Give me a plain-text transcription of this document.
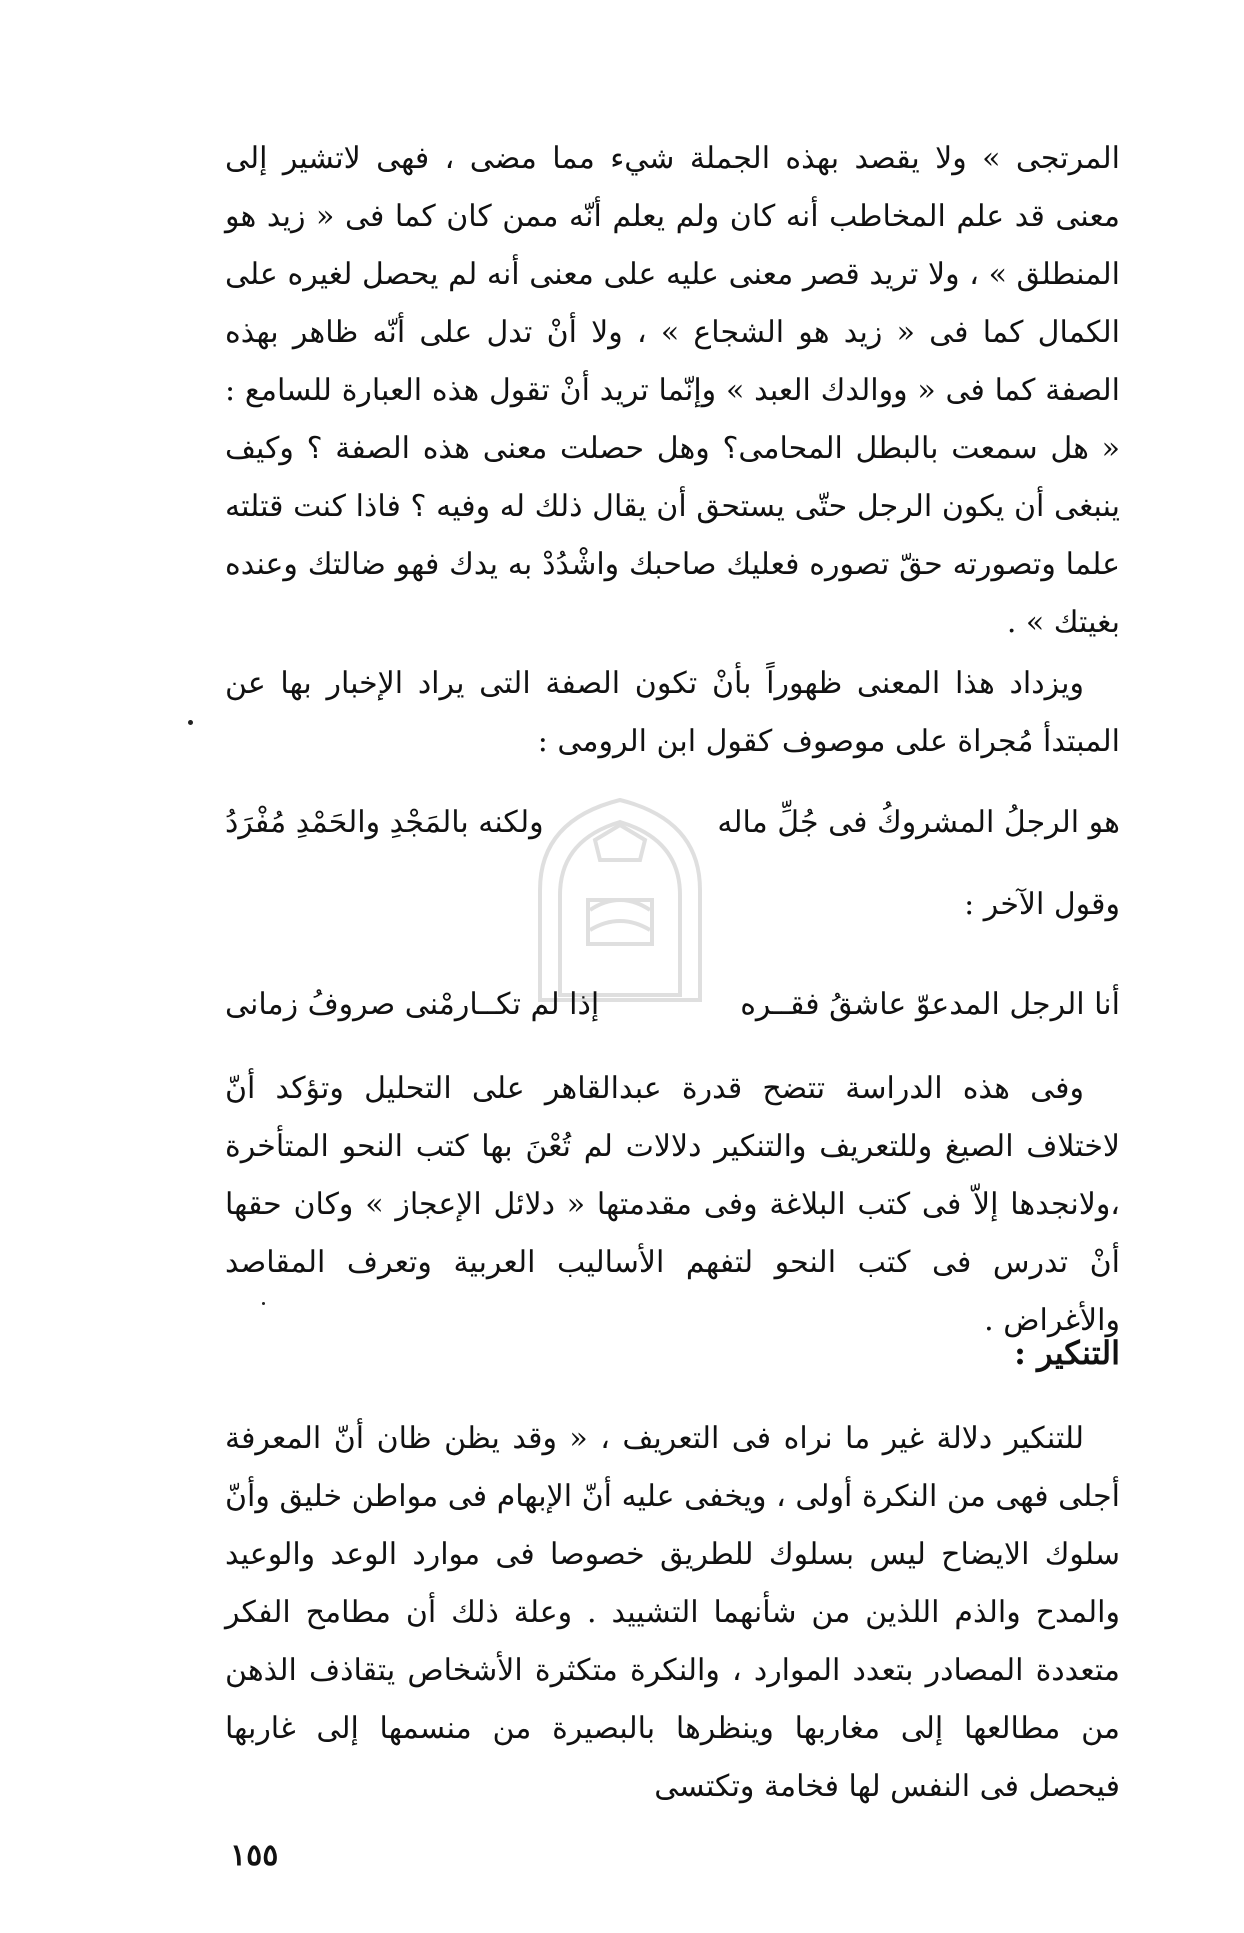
المرتجى » ولا يقصد بهذه الجملة شيء مما مضى ، فهى لاتشير إلى معنى قد علم المخاطب أنه كان ولم يعلم أنّه ممن كان كما فى « زيد هو المنطلق » ، ولا تريد قصر معنى عليه على معنى أنه لم يحصل لغيره على الكمال كما فى « زيد هو الشجاع » ، ولا أنْ تدل على أنّه ظاهر بهذه الصفة كما فى « ووالدك العبد » وإنّما تريد أنْ تقول هذه العبارة للسامع : « هل سمعت بالبطل المحامى؟ وهل حصلت معنى هذه الصفة ؟ وكيف ينبغى أن يكون الرجل حتّى يستحق أن يقال ذلك له وفيه ؟ فاذا كنت قتلته علما وتصورته حقّ تصوره فعليك صاحبك واشْدُدْ به يدك فهو ضالتك وعنده بغيتك » .

ويزداد هذا المعنى ظهوراً بأنْ تكون الصفة التى يراد الإخبار بها عن المبتدأ مُجراة على موصوف كقول ابن الرومى :

هو الرجلُ المشروكُ فى جُلِّ ماله
ولكنه بالمَجْدِ والحَمْدِ مُفْرَدُ
وقول الآخر :
أنا الرجل المدعوّ عاشقُ فقــره
إذا لم تكــارمْنى صروفُ زمانى

وفى هذه الدراسة تتضح قدرة عبدالقاهر على التحليل وتؤكد أنّ لاختلاف الصيغ وللتعريف والتنكير دلالات لم تُعْنَ بها كتب النحو المتأخرة ،ولانجدها إلاّ فى كتب البلاغة وفى مقدمتها « دلائل الإعجاز » وكان حقها أنْ تدرس فى كتب النحو لتفهم الأساليب العربية وتعرف المقاصد والأغراض .

التنكير :

للتنكير دلالة غير ما نراه فى التعريف ، « وقد يظن ظان أنّ المعرفة أجلى فهى من النكرة أولى ، ويخفى عليه أنّ الإبهام فى مواطن خليق وأنّ سلوك الايضاح ليس بسلوك للطريق خصوصا فى موارد الوعد والوعيد والمدح والذم اللذين من شأنهما التشييد . وعلة ذلك أن مطامح الفكر متعددة المصادر بتعدد الموارد ، والنكرة متكثرة الأشخاص يتقاذف الذهن من مطالعها إلى مغاربها وينظرها بالبصيرة من منسمها إلى غاربها فيحصل فى النفس لها فخامة وتكتسى

١٥٥
